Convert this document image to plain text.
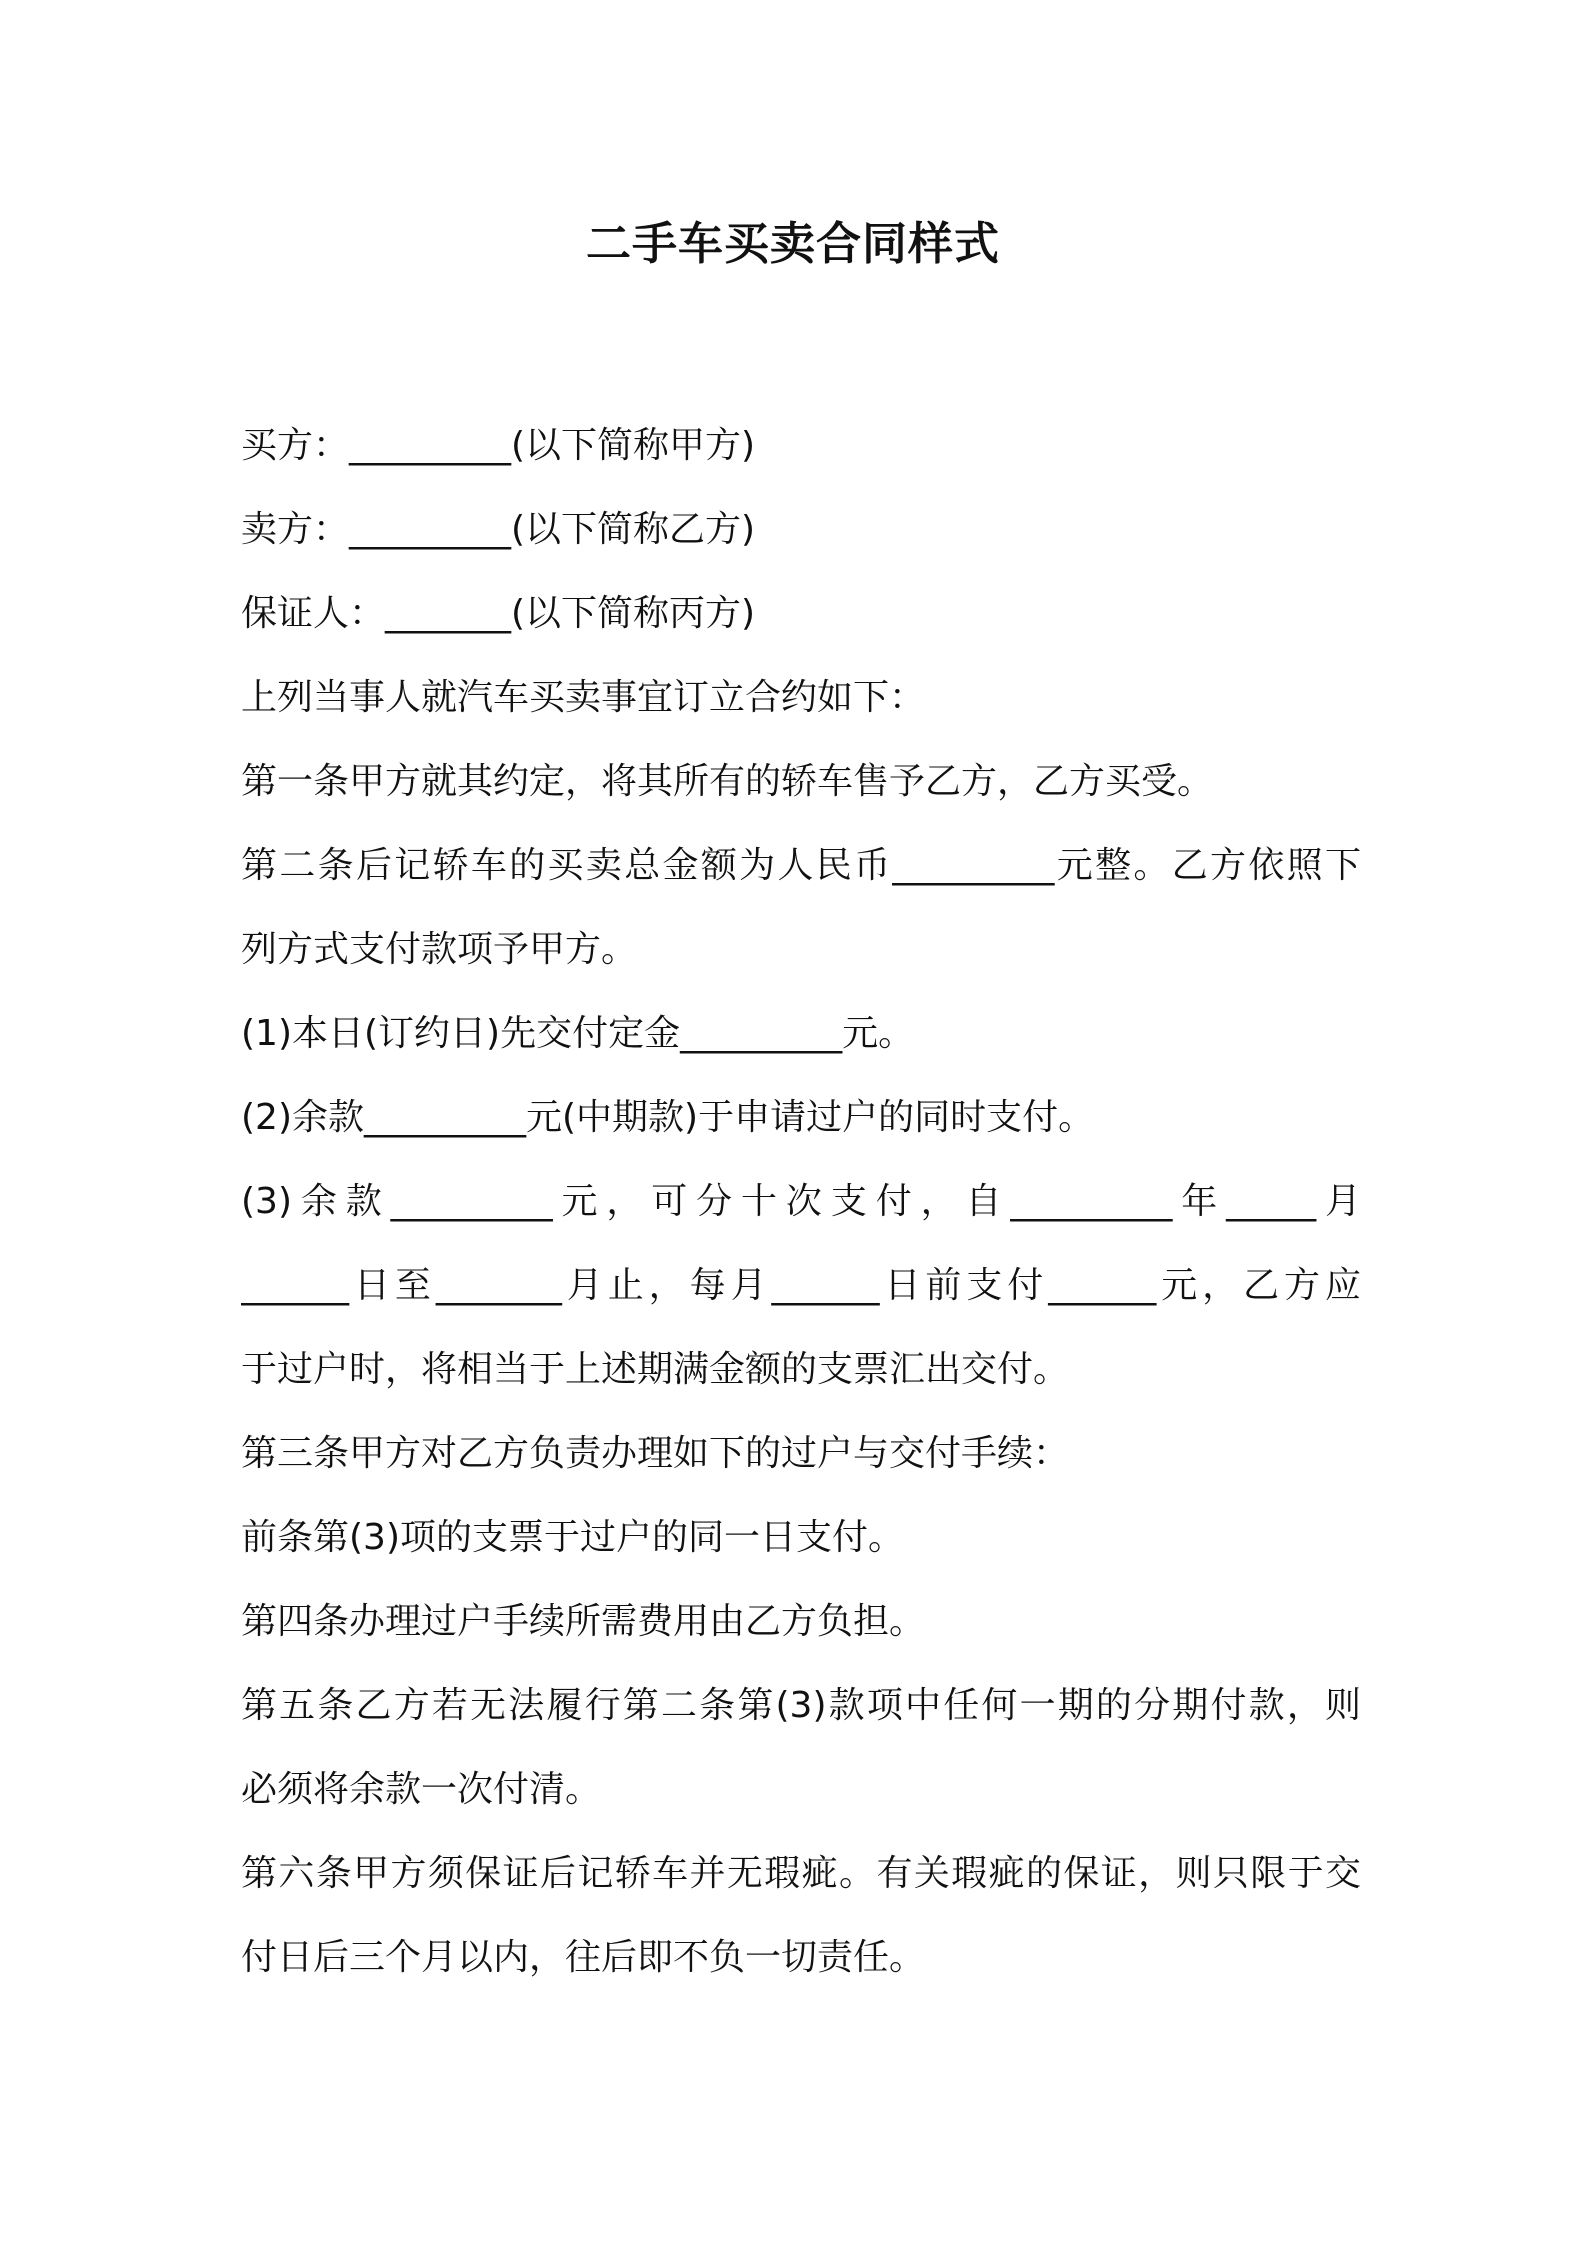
二手车买卖合同样式
买方：_________(以下简称甲方)
卖方：_________(以下简称乙方)
保证人：_______(以下简称丙方)
上列当事人就汽车买卖事宜订立合约如下：
第一条甲方就其约定，将其所有的轿车售予乙方，乙方买受。
第二条后记轿车的买卖总金额为人民币_________元整。乙方依照下
列方式支付款项予甲方。
(1)本日(订约日)先交付定金_________元。
(2)余款_________元(中期款)于申请过户的同时支付。
(3)余款_________元，可分十次支付，自_________年_____月
______日至_______月止，每月______日前支付______元，乙方应
于过户时，将相当于上述期满金额的支票汇出交付。
第三条甲方对乙方负责办理如下的过户与交付手续：
前条第(3)项的支票于过户的同一日支付。
第四条办理过户手续所需费用由乙方负担。
第五条乙方若无法履行第二条第(3)款项中任何一期的分期付款，则
必须将余款一次付清。
第六条甲方须保证后记轿车并无瑕疵。有关瑕疵的保证，则只限于交
付日后三个月以内，往后即不负一切责任。
